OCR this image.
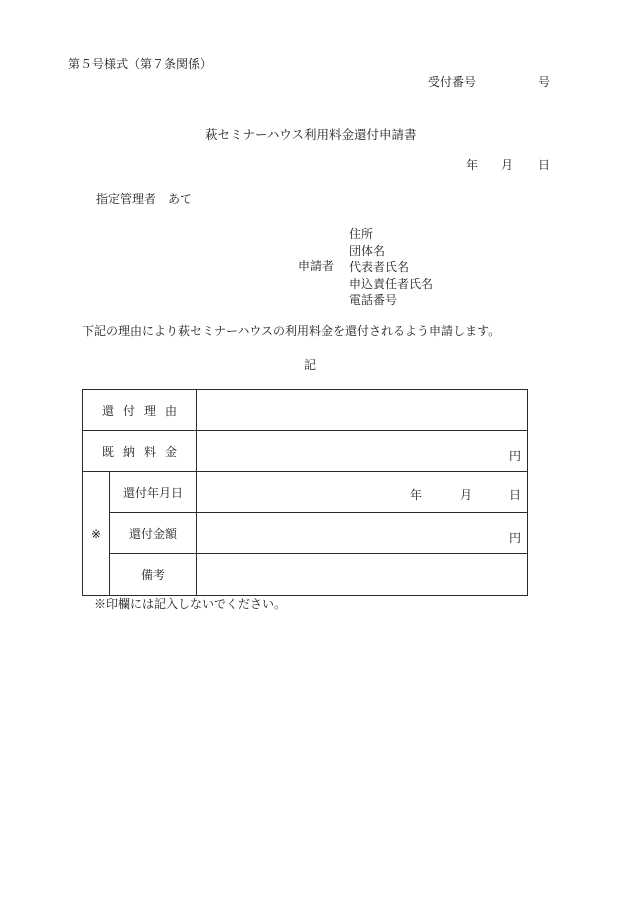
第５号様式（第７条関係）
受付番号	号
萩セミナーハウス利用料金還付申請書
年 月 日
指定管理者　あて
住所
団体名
代表者氏名
申込責任者氏名
電話番号
申請者
下記の理由により萩セミナーハウスの利用料金を還付されるよう申請します。
記
還付理由		
既納料金		円

※	還付年月日	年 月 日

	還付金額	円

	備考	
※印欄には記入しないでください。
